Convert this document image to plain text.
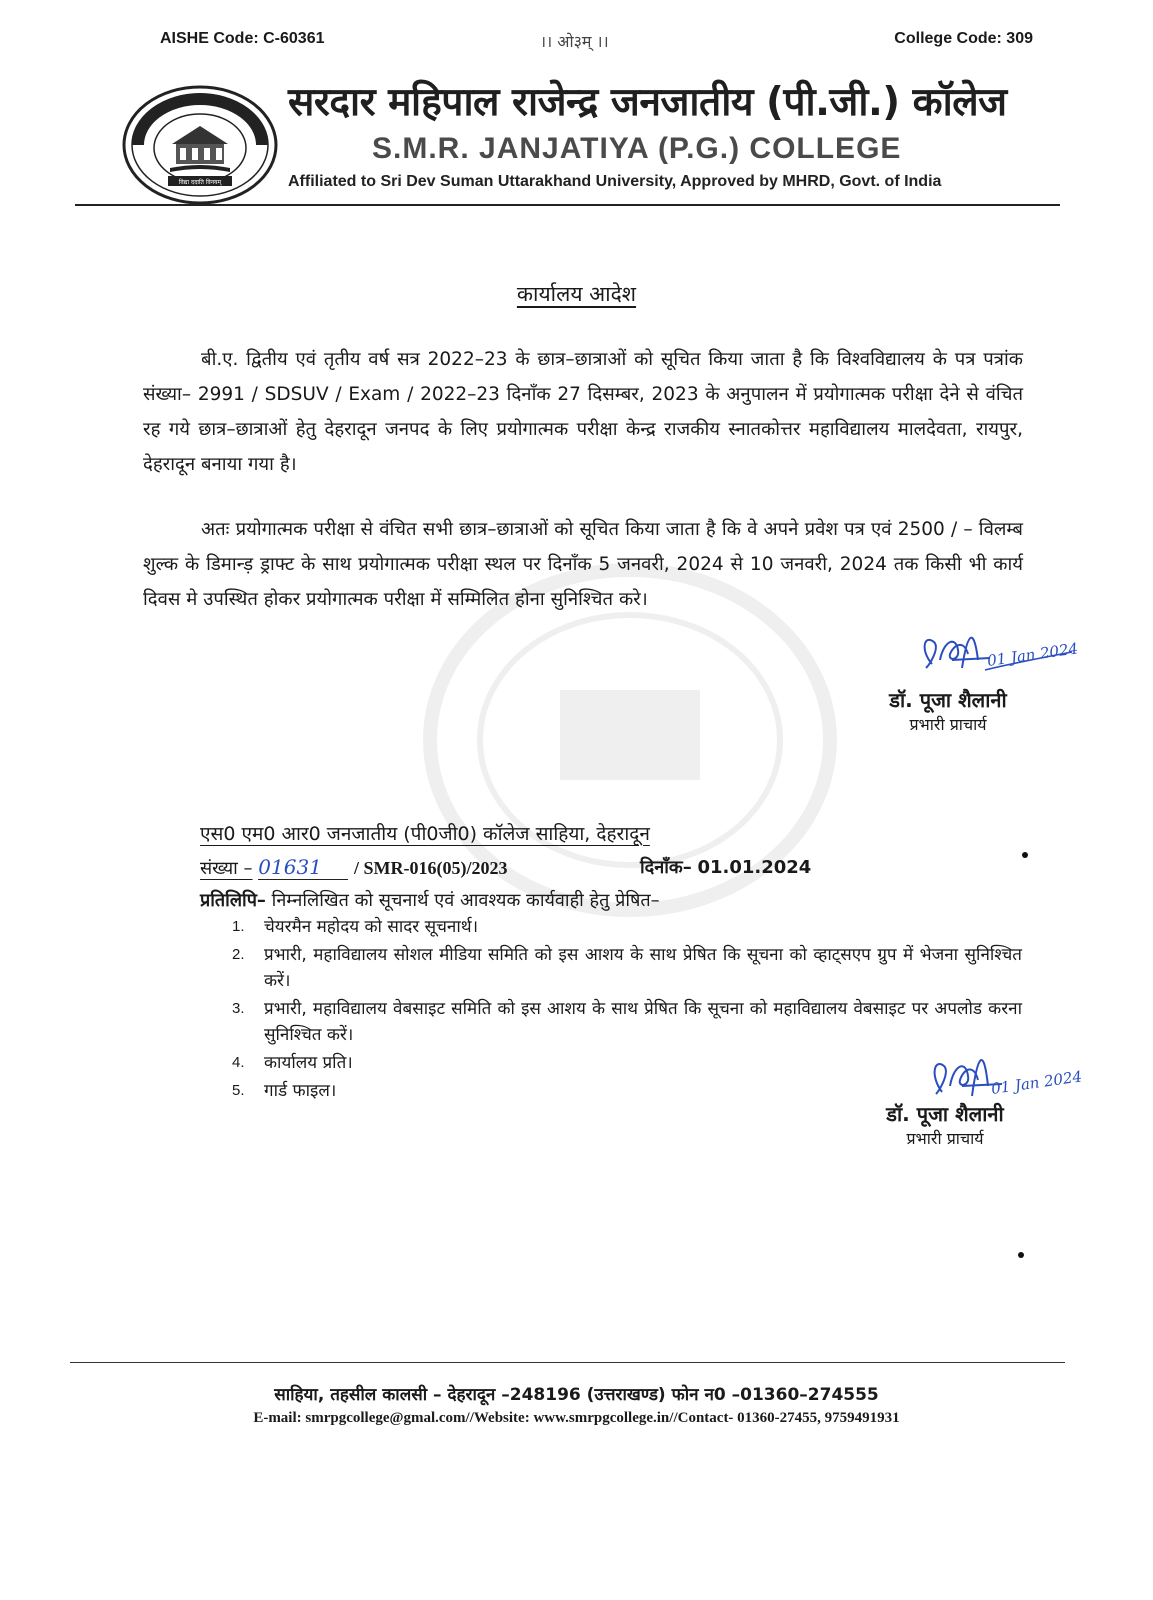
AISHE Code: C-60361	।। ओ३म् ।।	College Code: 309
विद्या ददाति विनयम्
सरदार महिपाल राजेन्द्र जनजातीय (पी.जी.) कॉलेज
S.M.R. JANJATIYA (P.G.) COLLEGE
Affiliated to Sri Dev Suman Uttarakhand University, Approved by MHRD, Govt. of India
कार्यालय आदेश

बी.ए. द्वितीय एवं तृतीय वर्ष सत्र 2022–23 के छात्र–छात्राओं को सूचित किया जाता है कि विश्वविद्यालय के पत्र पत्रांक संख्या– 2991 / SDSUV / Exam / 2022–23 दिनाँक 27 दिसम्बर, 2023 के अनुपालन में प्रयोगात्मक परीक्षा देने से वंचित रह गये छात्र–छात्राओं हेतु देहरादून जनपद के लिए प्रयोगात्मक परीक्षा केन्द्र राजकीय स्नातकोत्तर महाविद्यालय मालदेवता, रायपुर, देहरादून बनाया गया है।

अतः प्रयोगात्मक परीक्षा से वंचित सभी छात्र–छात्राओं को सूचित किया जाता है कि वे अपने प्रवेश पत्र एवं 2500 / – विलम्ब शुल्क के डिमान्ड़ ड्राफ्ट के साथ प्रयोगात्मक परीक्षा स्थल पर दिनाँक 5 जनवरी, 2024 से 10 जनवरी, 2024 तक किसी भी कार्य दिवस मे उपस्थित होकर प्रयोगात्मक परीक्षा में सम्मिलित होना सुनिश्चित करे।

01 Jan 2024
डॉ. पूजा शैलानी
प्रभारी प्राचार्य
एस0 एम0 आर0 जनजातीय (पी0जी0) कॉलेज साहिया, देहरादून
संख्या – 01631 / SMR-016(05)/2023	दिनाँक– 01.01.2024
प्रतिलिपि– निम्नलिखित को सूचनार्थ एवं आवश्यक कार्यवाही हेतु प्रेषित–
1. चेयरमैन महोदय को सादर सूचनार्थ।
2. प्रभारी, महाविद्यालय सोशल मीडिया समिति को इस आशय के साथ प्रेषित कि सूचना को व्हाट्सएप ग्रुप में भेजना सुनिश्चित करें।
3. प्रभारी, महाविद्यालय वेबसाइट समिति को इस आशय के साथ प्रेषित कि सूचना को महाविद्यालय वेबसाइट पर अपलोड करना सुनिश्चित करें।
4. कार्यालय प्रति।
5. गार्ड फाइल।	01 Jan 2024
डॉ. पूजा शैलानी
प्रभारी प्राचार्य
साहिया, तहसील कालसी – देहरादून –248196 (उत्तराखण्ड) फोन न0 –01360–274555
E-mail: smrpgcollege@gmal.com//Website: www.smrpgcollege.in//Contact- 01360-27455, 9759491931
